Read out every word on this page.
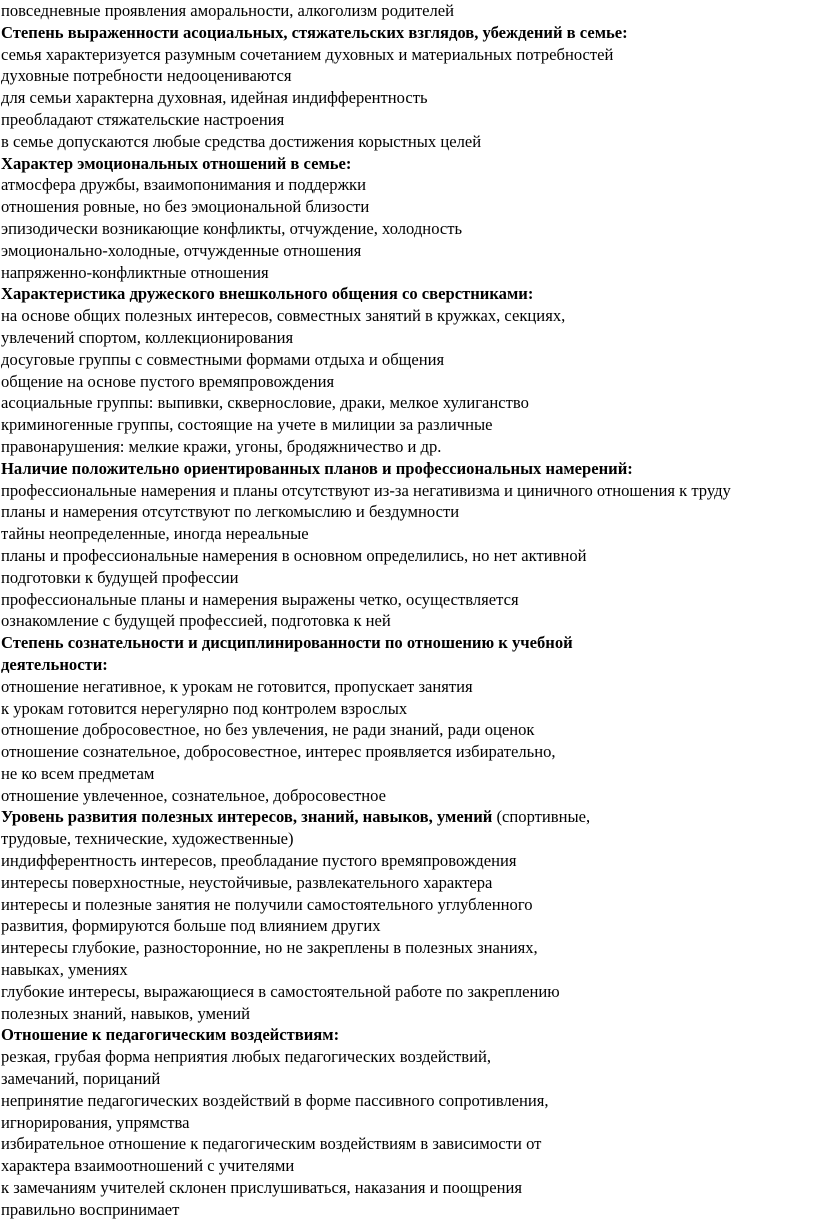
повседневные проявления аморальности, алкоголизм родителей
Степень выраженности асоциальных, стяжательских взглядов, убеждений в семье:
семья характеризуется разумным сочетанием духовных и материальных потребностей
духовные потребности недооцениваются
для семьи характерна духовная, идейная индифферентность
преобладают стяжательские настроения
в семье допускаются любые средства достижения корыстных целей
Характер эмоциональных отношений в семье:
атмосфера дружбы, взаимопонимания и поддержки
отношения ровные, но без эмоциональной близости
эпизодически возникающие конфликты, отчуждение, холодность
эмоционально-холодные, отчужденные отношения
напряженно-конфликтные отношения
Характеристика дружеского внешкольного общения со сверстниками:
на основе общих полезных интересов, совместных занятий в кружках, секциях,
увлечений спортом, коллекционирования
досуговые группы с совместными формами отдыха и общения
общение на основе пустого времяпровождения
асоциальные группы: выпивки, сквернословие, драки, мелкое хулиганство
криминогенные группы, состоящие на учете в милиции за различные
правонарушения: мелкие кражи, угоны, бродяжничество и др.
Наличие положительно ориентированных планов и профессиональных намерений:
профессиональные намерения и планы отсутствуют из-за негативизма и циничного отношения к труду
планы и намерения отсутствуют по легкомыслию и бездумности
тайны неопределенные, иногда нереальные
планы и профессиональные намерения в основном определились, но нет активной
подготовки к будущей профессии
профессиональные планы и намерения выражены четко, осуществляется
ознакомление с будущей профессией, подготовка к ней
Степень сознательности и дисциплинированности по отношению к учебной
деятельности:
отношение негативное, к урокам не готовится, пропускает занятия
к урокам готовится нерегулярно под контролем взрослых
отношение добросовестное, но без увлечения, не ради знаний, ради оценок
отношение сознательное, добросовестное, интерес проявляется избирательно,
не ко всем предметам
отношение увлеченное, сознательное, добросовестное
Уровень развития полезных интересов, знаний, навыков, умений (спортивные,
трудовые, технические, художественные)
индифферентность интересов, преобладание пустого времяпровождения
интересы поверхностные, неустойчивые, развлекательного характера
интересы и полезные занятия не получили самостоятельного углубленного
развития, формируются больше под влиянием других
интересы глубокие, разносторонние, но не закреплены в полезных знаниях,
навыках, умениях
глубокие интересы, выражающиеся в самостоятельной работе по закреплению
полезных знаний, навыков, умений
Отношение к педагогическим воздействиям:
резкая, грубая форма неприятия любых педагогических воздействий,
замечаний, порицаний
непринятие педагогических воздействий в форме пассивного сопротивления,
игнорирования, упрямства
избирательное отношение к педагогическим воздействиям в зависимости от
характера взаимоотношений с учителями
к замечаниям учителей склонен прислушиваться, наказания и поощрения
правильно воспринимает
